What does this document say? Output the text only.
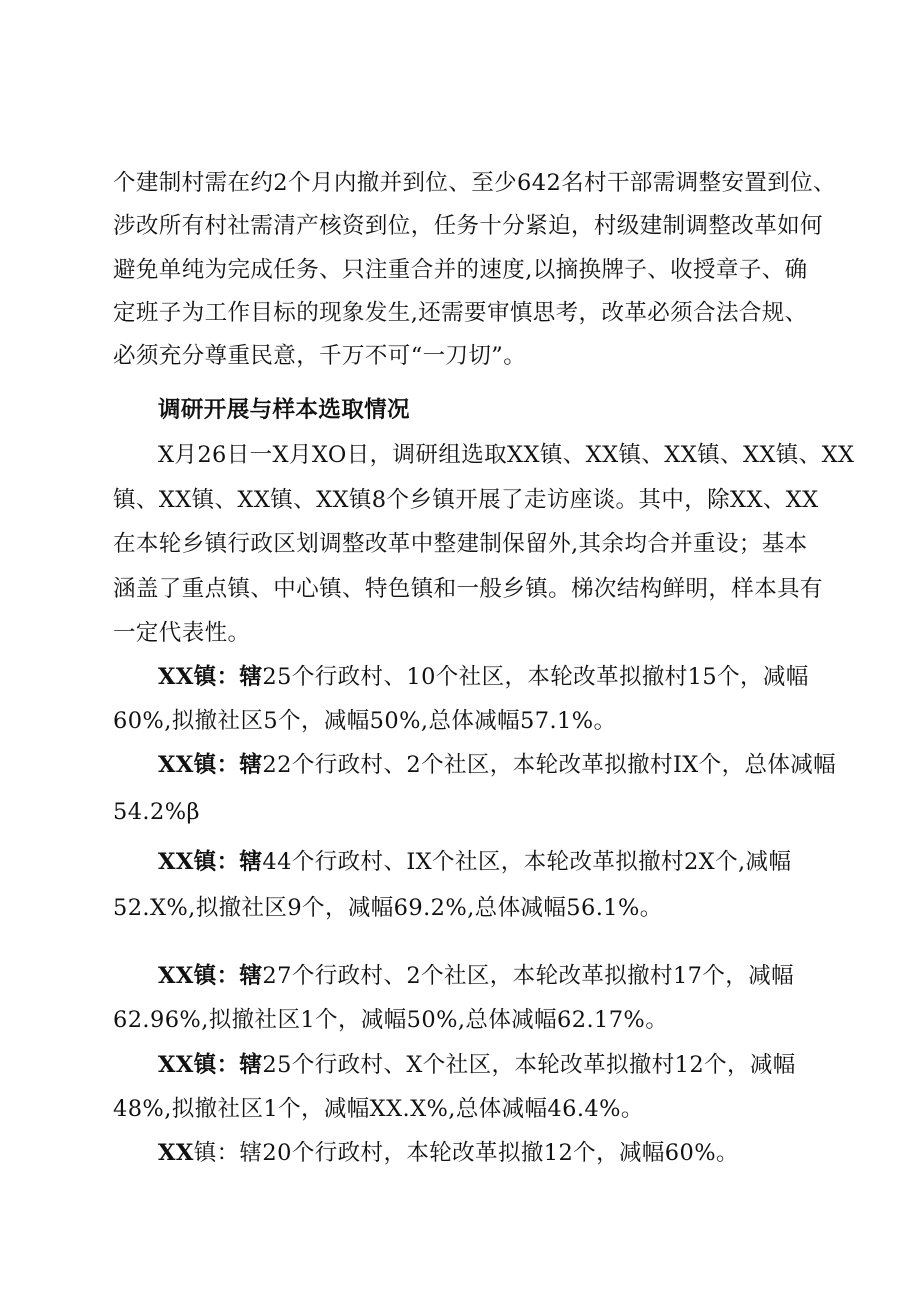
个建制村需在约2个月内撤并到位、至少642名村干部需调整安置到位、
涉改所有村社需清产核资到位，任务十分紧迫，村级建制调整改革如何
避免单纯为完成任务、只注重合并的速度,以摘换牌子、收授章子、确
定班子为工作目标的现象发生,还需要审慎思考，改革必须合法合规、
必须充分尊重民意，千万不可“一刀切”。
调研开展与样本选取情况
X月26日一X月XO日，调研组选取XX镇、XX镇、XX镇、XX镇、XX
镇、XX镇、XX镇、XX镇8个乡镇开展了走访座谈。其中，除XX、XX
在本轮乡镇行政区划调整改革中整建制保留外,其余均合并重设；基本
涵盖了重点镇、中心镇、特色镇和一般乡镇。梯次结构鲜明，样本具有
一定代表性。
XX镇：辖25个行政村、10个社区，本轮改革拟撤村15个，减幅
60%,拟撤社区5个，减幅50%,总体减幅57.1%。
XX镇：辖22个行政村、2个社区，本轮改革拟撤村IX个，总体减幅
54.2%β
XX镇：辖44个行政村、IX个社区，本轮改革拟撤村2X个,减幅
52.X%,拟撤社区9个，减幅69.2%,总体减幅56.1%。
XX镇：辖27个行政村、2个社区，本轮改革拟撤村17个，减幅
62.96%,拟撤社区1个，减幅50%,总体减幅62.17%。
XX镇：辖25个行政村、X个社区，本轮改革拟撤村12个，减幅
48%,拟撤社区1个，减幅XX.X%,总体减幅46.4%。
XX镇：辖20个行政村，本轮改革拟撤12个，减幅60%。
